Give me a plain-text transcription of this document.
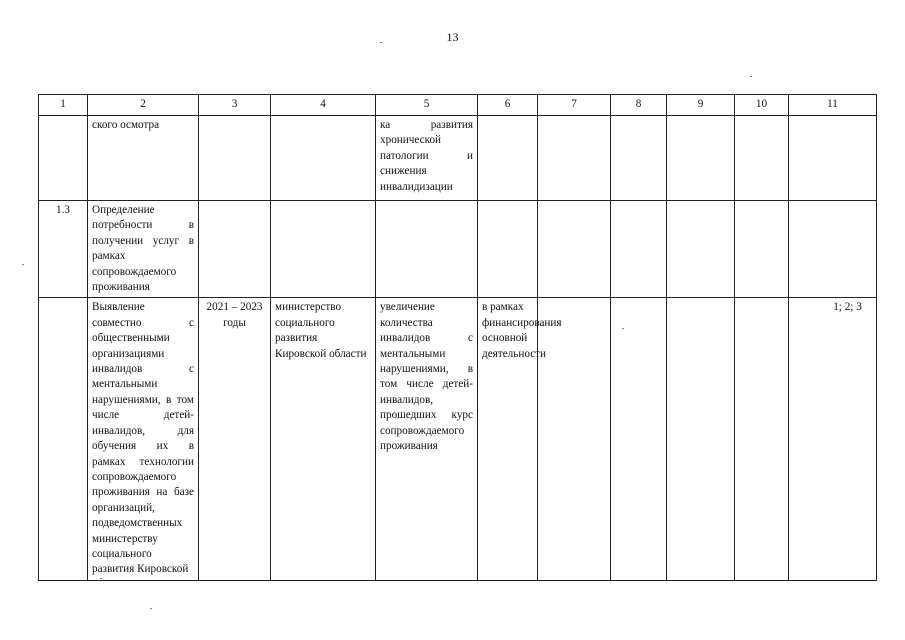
13
1	2	3	4	5	6	7	8	9	10	11
	ского осмотра			ка развития хронической патологии и снижения инвалидизации						
1.3	Определение потребности в получении услуг в рамках сопровождаемого проживания									
	Выявление совместно с общественными организациями инвалидов с ментальными нарушениями, в том числе детей-инвалидов, для обучения их в рамках технологии сопровождаемого проживания на базе организаций, подведомственных министерству социального развития Кировской	2021 – 2023 годы	министерство социального развития Кировской области	увеличение количества инвалидов с ментальными нарушениями, в том числе детей-инвалидов, прошедших курс сопровождаемого проживания	в рамках финансирования основной деятельности					1; 2; 3
